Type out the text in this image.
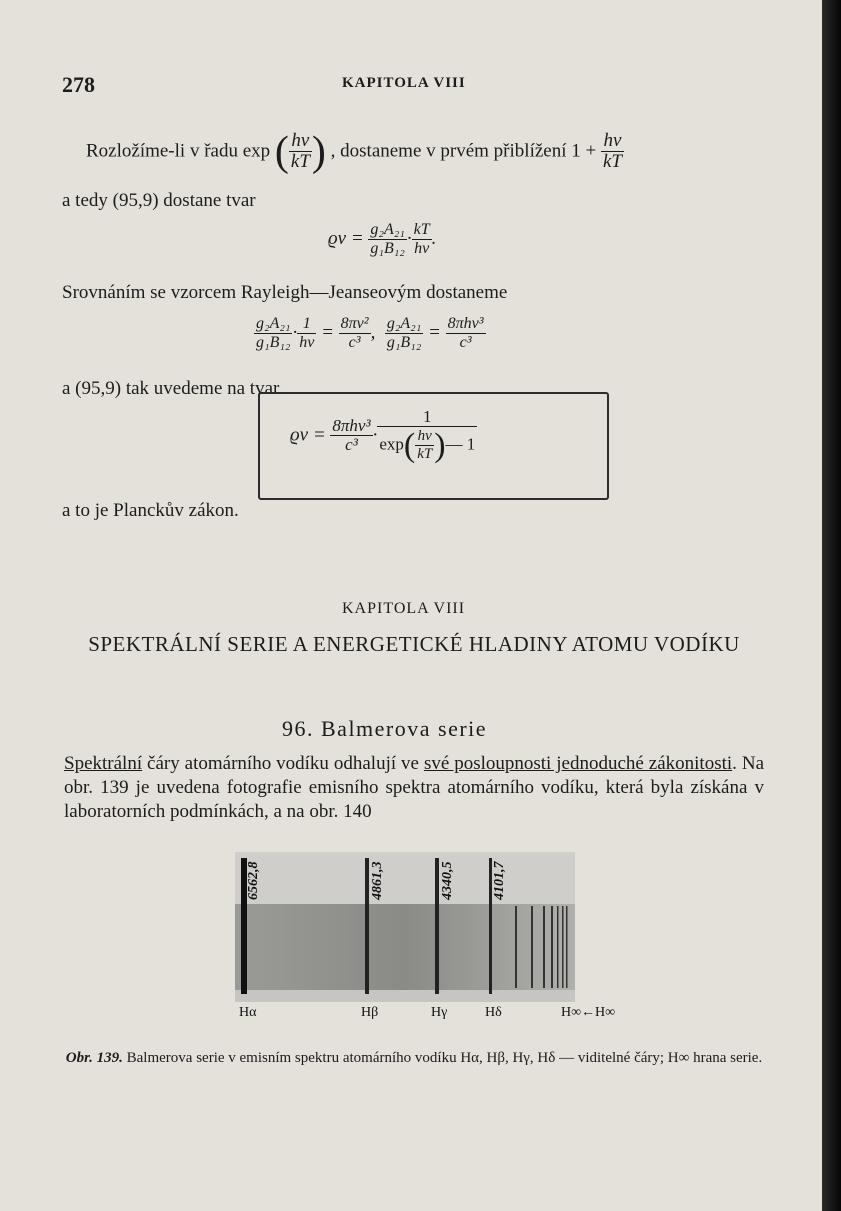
278	KAPITOLA VIII
Rozložíme-li v řadu exp ( $\frac{h\nu}{kT}$ ) , dostaneme v prvém přiblížení $1 + \frac{h\nu}{kT}$
a tedy (95,9) dostane tvar
$ϱ\nu = \frac{\text{g₂A₂₁}}{\text{g₁B₁₂}} \cdot \frac{kT}{h\nu}$ .
Srovnáním se vzorcem Rayleigh—Jeanseovým dostaneme
$\frac{\text{g₂A₂₁}}{\text{g₁B₁₂}} \cdot \frac{1}{h\nu} = \frac{\text{8πν²}}{\text{c³}}$ , $\frac{\text{g₂A₂₁}}{\text{g₁B₁₂}} = \frac{\text{8πhν³}}{\text{c³}}$
a (95,9) tak uvedeme na tvar
$ϱ\nu = \frac{\text{8πhν³}}{\text{c³}} \cdot \frac{1}{\exp( \frac{h\nu}{kT} )— 1}$
a to je Planckův zákon.
KAPITOLA VIII
SPEKTRÁLNÍ SERIE A ENERGETICKÉ HLADINY ATOMU VODÍKU
96. Balmerova serie
Spektrální čáry atomárního vodíku odhalují ve své posloupnosti jednoduché zákonitosti. Na obr. 139 je uvedena fotografie emisního spektra atomárního vodíku, která byla získána v laboratorních podmínkách, a na obr. 140
6562,8	4861,3	4340,5	4101,7
Hα	Hβ	Hγ	Hδ	H∞ ←H∞
Obr. 139. Balmerova serie v emisním spektru atomárního vodíku Hα, Hβ, Hγ, Hδ — viditelné čáry; H∞ hrana serie.
